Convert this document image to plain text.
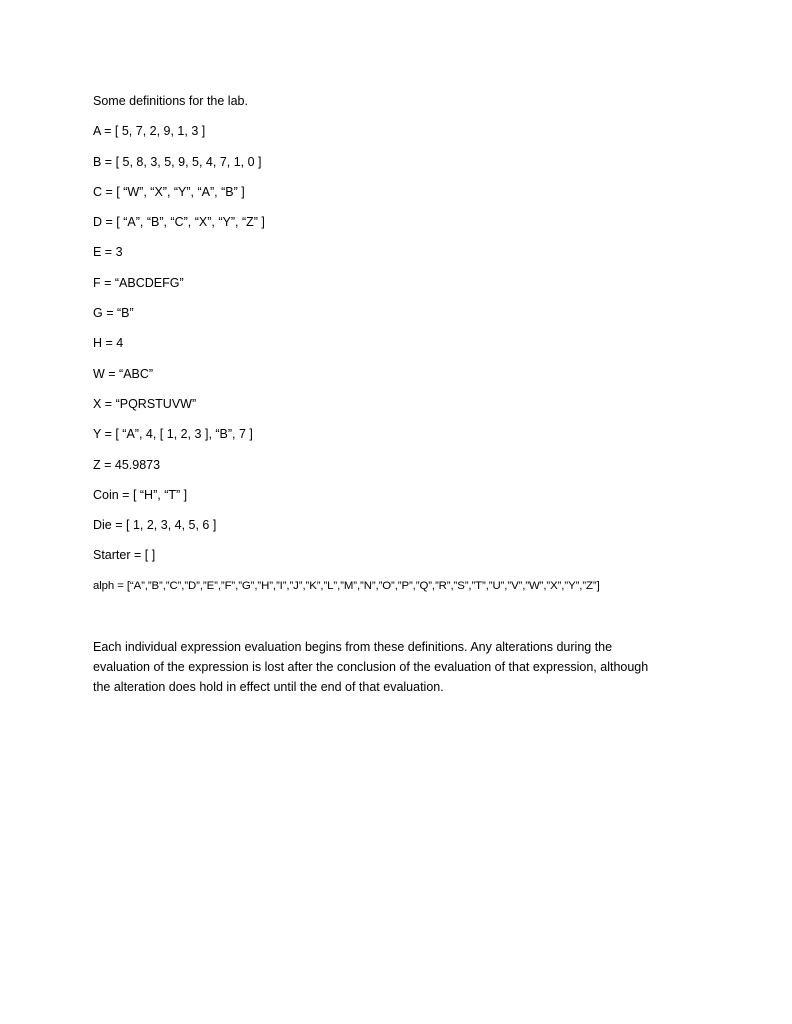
Some definitions for the lab.
A = [ 5, 7, 2, 9, 1, 3 ]
B = [ 5, 8, 3, 5, 9, 5, 4, 7, 1, 0 ]
C = [ “W”, “X”, “Y”, “A”, “B” ]
D = [ “A”, “B”, “C”, “X”, “Y”, “Z” ]
E = 3
F = “ABCDEFG”
G = “B”
H = 4
W = “ABC”
X = “PQRSTUVW”
Y = [ “A”, 4, [ 1, 2, 3 ], “B”, 7 ]
Z = 45.9873
Coin = [ “H”, “T” ]
Die = [ 1, 2, 3, 4, 5, 6 ]
Starter = [ ]
alph = [“A”,”B”,”C”,”D”,”E”,”F”,”G”,”H”,”I”,”J”,”K”,”L”,”M”,”N”,”O”,”P”,”Q”,”R”,”S”,”T”,”U”,”V”,”W”,”X”,”Y”,”Z”]

Each individual expression evaluation begins from these definitions. Any alterations during the

evaluation of the expression is lost after the conclusion of the evaluation of that expression, although

the alteration does hold in effect until the end of that evaluation.
